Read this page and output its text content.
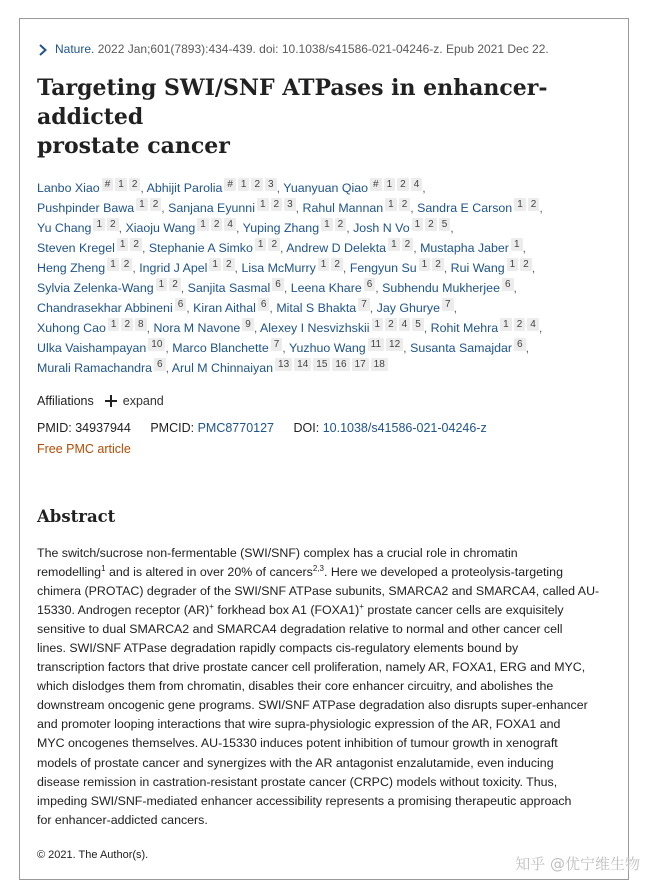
Nature. 2022 Jan;601(7893):434-439. doi: 10.1038/s41586-021-04246-z. Epub 2021 Dec 22.
Targeting SWI/SNF ATPases in enhancer-addicted
prostate cancer
Lanbo Xiao # 1 2 , Abhijit Parolia # 1 2 3 , Yuanyuan Qiao # 1 2 4 ,
Pushpinder Bawa 1 2 , Sanjana Eyunni 1 2 3 , Rahul Mannan 1 2 , Sandra E Carson 1 2 ,
Yu Chang 1 2 , Xiaoju Wang 1 2 4 , Yuping Zhang 1 2 , Josh N Vo 1 2 5 ,
Steven Kregel 1 2 , Stephanie A Simko 1 2 , Andrew D Delekta 1 2 , Mustapha Jaber 1 ,
Heng Zheng 1 2 , Ingrid J Apel 1 2 , Lisa McMurry 1 2 , Fengyun Su 1 2 , Rui Wang 1 2 ,
Sylvia Zelenka-Wang 1 2 , Sanjita Sasmal 6 , Leena Khare 6 , Subhendu Mukherjee 6 ,
Chandrasekhar Abbineni 6 , Kiran Aithal 6 , Mital S Bhakta 7 , Jay Ghurye 7 ,
Xuhong Cao 1 2 8 , Nora M Navone 9 , Alexey I Nesvizhskii 1 2 4 5 , Rohit Mehra 1 2 4 ,
Ulka Vaishampayan 10 , Marco Blanchette 7 , Yuzhuo Wang 11 12 , Susanta Samajdar 6 ,
Murali Ramachandra 6 , Arul M Chinnaiyan 13 14 15 16 17 18
Affiliations expand
PMID: 34937944 PMCID: PMC8770127 DOI: 10.1038/s41586-021-04246-z
Free PMC article
Abstract
The switch/sucrose non-fermentable (SWI/SNF) complex has a crucial role in chromatin
remodelling$^1$ and is altered in over 20% of cancers$^{2,3}$. Here we developed a proteolysis-targeting
chimera (PROTAC) degrader of the SWI/SNF ATPase subunits, SMARCA2 and SMARCA4, called AU-
15330. Androgen receptor (AR)+ forkhead box A1 (FOXA1)+ prostate cancer cells are exquisitely
sensitive to dual SMARCA2 and SMARCA4 degradation relative to normal and other cancer cell
lines. SWI/SNF ATPase degradation rapidly compacts cis-regulatory elements bound by
transcription factors that drive prostate cancer cell proliferation, namely AR, FOXA1, ERG and MYC,
which dislodges them from chromatin, disables their core enhancer circuitry, and abolishes the
downstream oncogenic gene programs. SWI/SNF ATPase degradation also disrupts super-enhancer
and promoter looping interactions that wire supra-physiologic expression of the AR, FOXA1 and
MYC oncogenes themselves. AU-15330 induces potent inhibition of tumour growth in xenograft
models of prostate cancer and synergizes with the AR antagonist enzalutamide, even inducing
disease remission in castration-resistant prostate cancer (CRPC) models without toxicity. Thus,
impeding SWI/SNF-mediated enhancer accessibility represents a promising therapeutic approach
for enhancer-addicted cancers.
© 2021. The Author(s).
知乎 @优宁维生物
